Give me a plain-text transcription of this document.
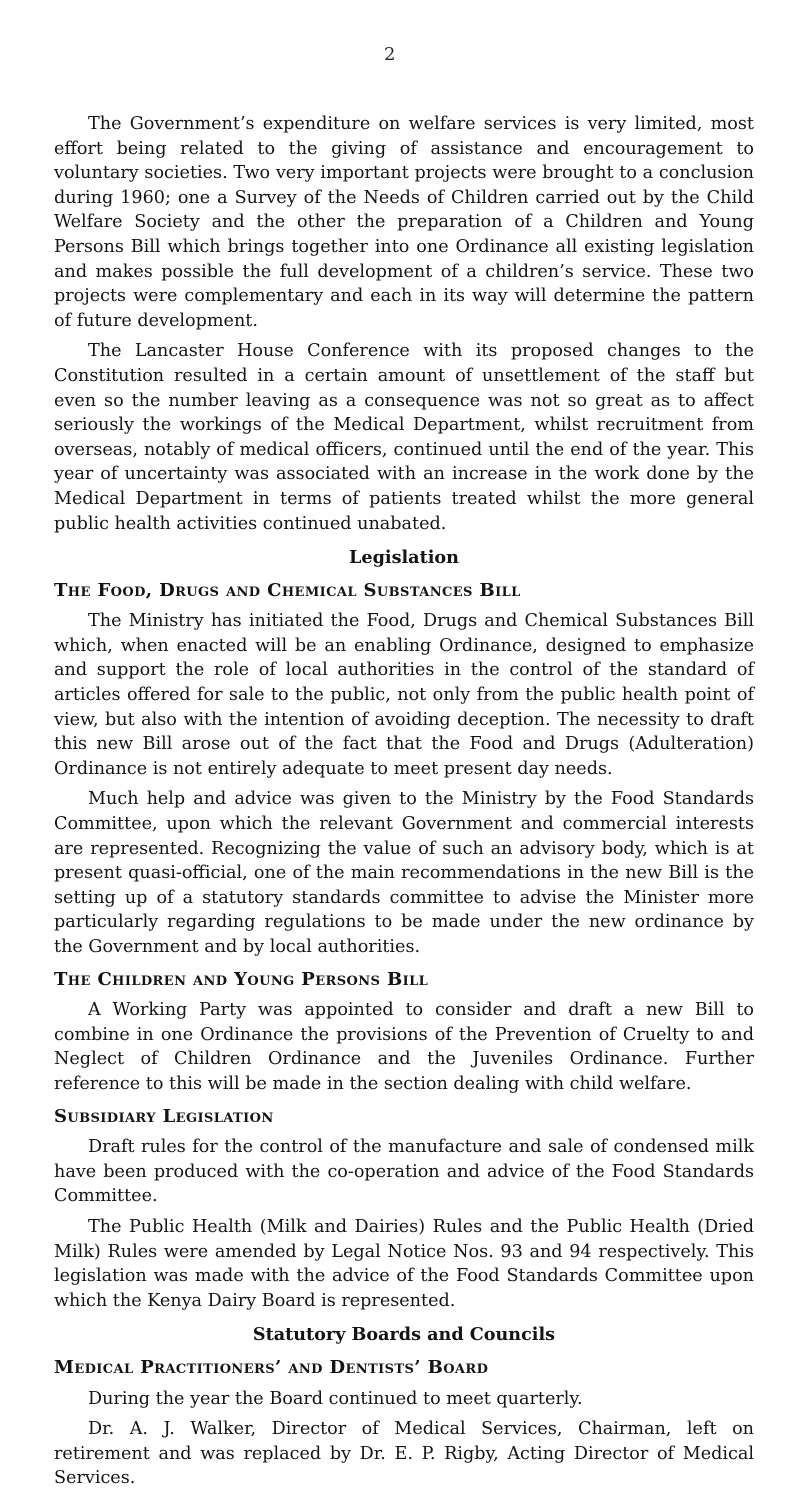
2

The Government’s expenditure on welfare services is very limited, most effort being related to the giving of assistance and encouragement to voluntary societies. Two very important projects were brought to a conclusion during 1960; one a Survey of the Needs of Children carried out by the Child Welfare Society and the other the preparation of a Children and Young Persons Bill which brings together into one Ordinance all existing legislation and makes possible the full development of a children’s service. These two projects were complementary and each in its way will determine the pattern of future development.

The Lancaster House Conference with its proposed changes to the Constitution resulted in a certain amount of unsettlement of the staff but even so the number leaving as a consequence was not so great as to affect seriously the workings of the Medical Department, whilst recruitment from overseas, notably of medical officers, continued until the end of the year. This year of uncertainty was associated with an increase in the work done by the Medical Department in terms of patients treated whilst the more general public health activities continued unabated.

Legislation
The Food, Drugs and Chemical Substances Bill

The Ministry has initiated the Food, Drugs and Chemical Substances Bill which, when enacted will be an enabling Ordinance, designed to emphasize and support the role of local authorities in the control of the standard of articles offered for sale to the public, not only from the public health point of view, but also with the intention of avoiding deception. The necessity to draft this new Bill arose out of the fact that the Food and Drugs (Adulteration) Ordinance is not entirely adequate to meet present day needs.

Much help and advice was given to the Ministry by the Food Standards Committee, upon which the relevant Government and commercial interests are represented. Recognizing the value of such an advisory body, which is at present quasi-official, one of the main recommendations in the new Bill is the setting up of a statutory standards committee to advise the Minister more particularly regarding regulations to be made under the new ordinance by the Government and by local authorities.

The Children and Young Persons Bill

A Working Party was appointed to consider and draft a new Bill to combine in one Ordinance the provisions of the Prevention of Cruelty to and Neglect of Children Ordinance and the Juveniles Ordinance. Further reference to this will be made in the section dealing with child welfare.

Subsidiary Legislation

Draft rules for the control of the manufacture and sale of condensed milk have been produced with the co-operation and advice of the Food Standards Committee.

The Public Health (Milk and Dairies) Rules and the Public Health (Dried Milk) Rules were amended by Legal Notice Nos. 93 and 94 respectively. This legislation was made with the advice of the Food Standards Committee upon which the Kenya Dairy Board is represented.

Statutory Boards and Councils
Medical Practitioners’ and Dentists’ Board

During the year the Board continued to meet quarterly.

Dr. A. J. Walker, Director of Medical Services, Chairman, left on retirement and was replaced by Dr. E. P. Rigby, Acting Director of Medical Services.
